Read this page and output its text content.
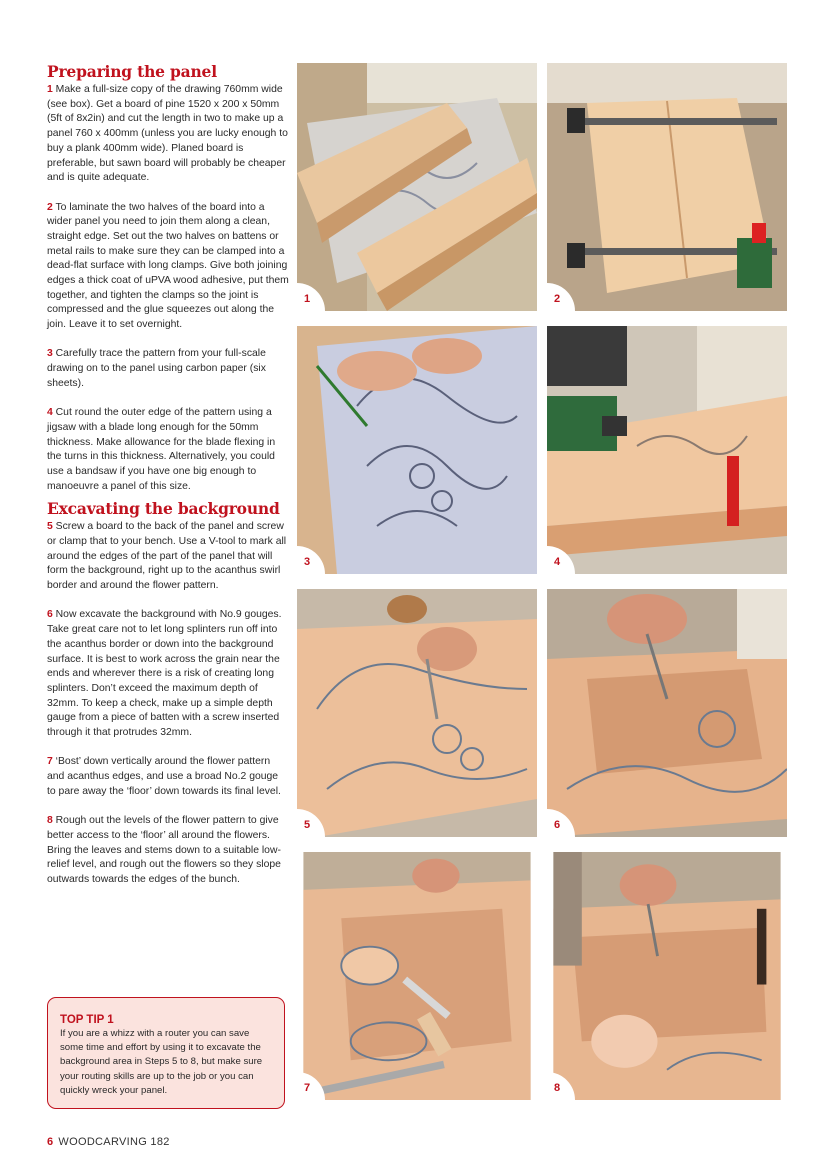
Preparing the panel

1 Make a full-size copy of the drawing 760mm wide (see box). Get a board of pine 1520 x 200 x 50mm (5ft of 8x2in) and cut the length in two to make up a panel 760 x 400mm (unless you are lucky enough to buy a plank 400mm wide). Planed board is preferable, but sawn board will probably be cheaper and is quite adequate.

2 To laminate the two halves of the board into a wider panel you need to join them along a clean, straight edge. Set out the two halves on battens or metal rails to make sure they can be clamped into a dead-flat surface with long clamps. Give both joining edges a thick coat of uPVA wood adhesive, put them together, and tighten the clamps so the joint is compressed and the glue squeezes out along the join. Leave it to set overnight.

3 Carefully trace the pattern from your full-scale drawing on to the panel using carbon paper (six sheets).

4 Cut round the outer edge of the pattern using a jigsaw with a blade long enough for the 50mm thickness. Make allowance for the blade flexing in the turns in this thickness. Alternatively, you could use a bandsaw if you have one big enough to manoeuvre a panel of this size.

Excavating the background

5 Screw a board to the back of the panel and screw or clamp that to your bench. Use a V-tool to mark all around the edges of the part of the panel that will form the background, right up to the acanthus swirl border and around the flower pattern.

6 Now excavate the background with No.9 gouges. Take great care not to let long splinters run off into the acanthus border or down into the background surface. It is best to work across the grain near the ends and wherever there is a risk of creating long splinters. Don’t exceed the maximum depth of 32mm. To keep a check, make up a simple depth gauge from a piece of batten with a screw inserted through it that protrudes 32mm.

7 ‘Bost’ down vertically around the flower pattern and acanthus edges, and use a broad No.2 gouge to pare away the ‘floor’ down towards its final level.

8 Rough out the levels of the flower pattern to give better access to the ‘floor’ all around the flowers. Bring the leaves and stems down to a suitable low-relief level, and rough out the flowers so they slope outwards towards the edges of the bunch.

TOP TIP 1

If you are a whizz with a router you can save some time and effort by using it to excavate the background area in Steps 5 to 8, but make sure your routing skills are up to the job or you can quickly wreck your panel.

1	2
3	4
5	6
7	8
6 WOODCARVING 182
